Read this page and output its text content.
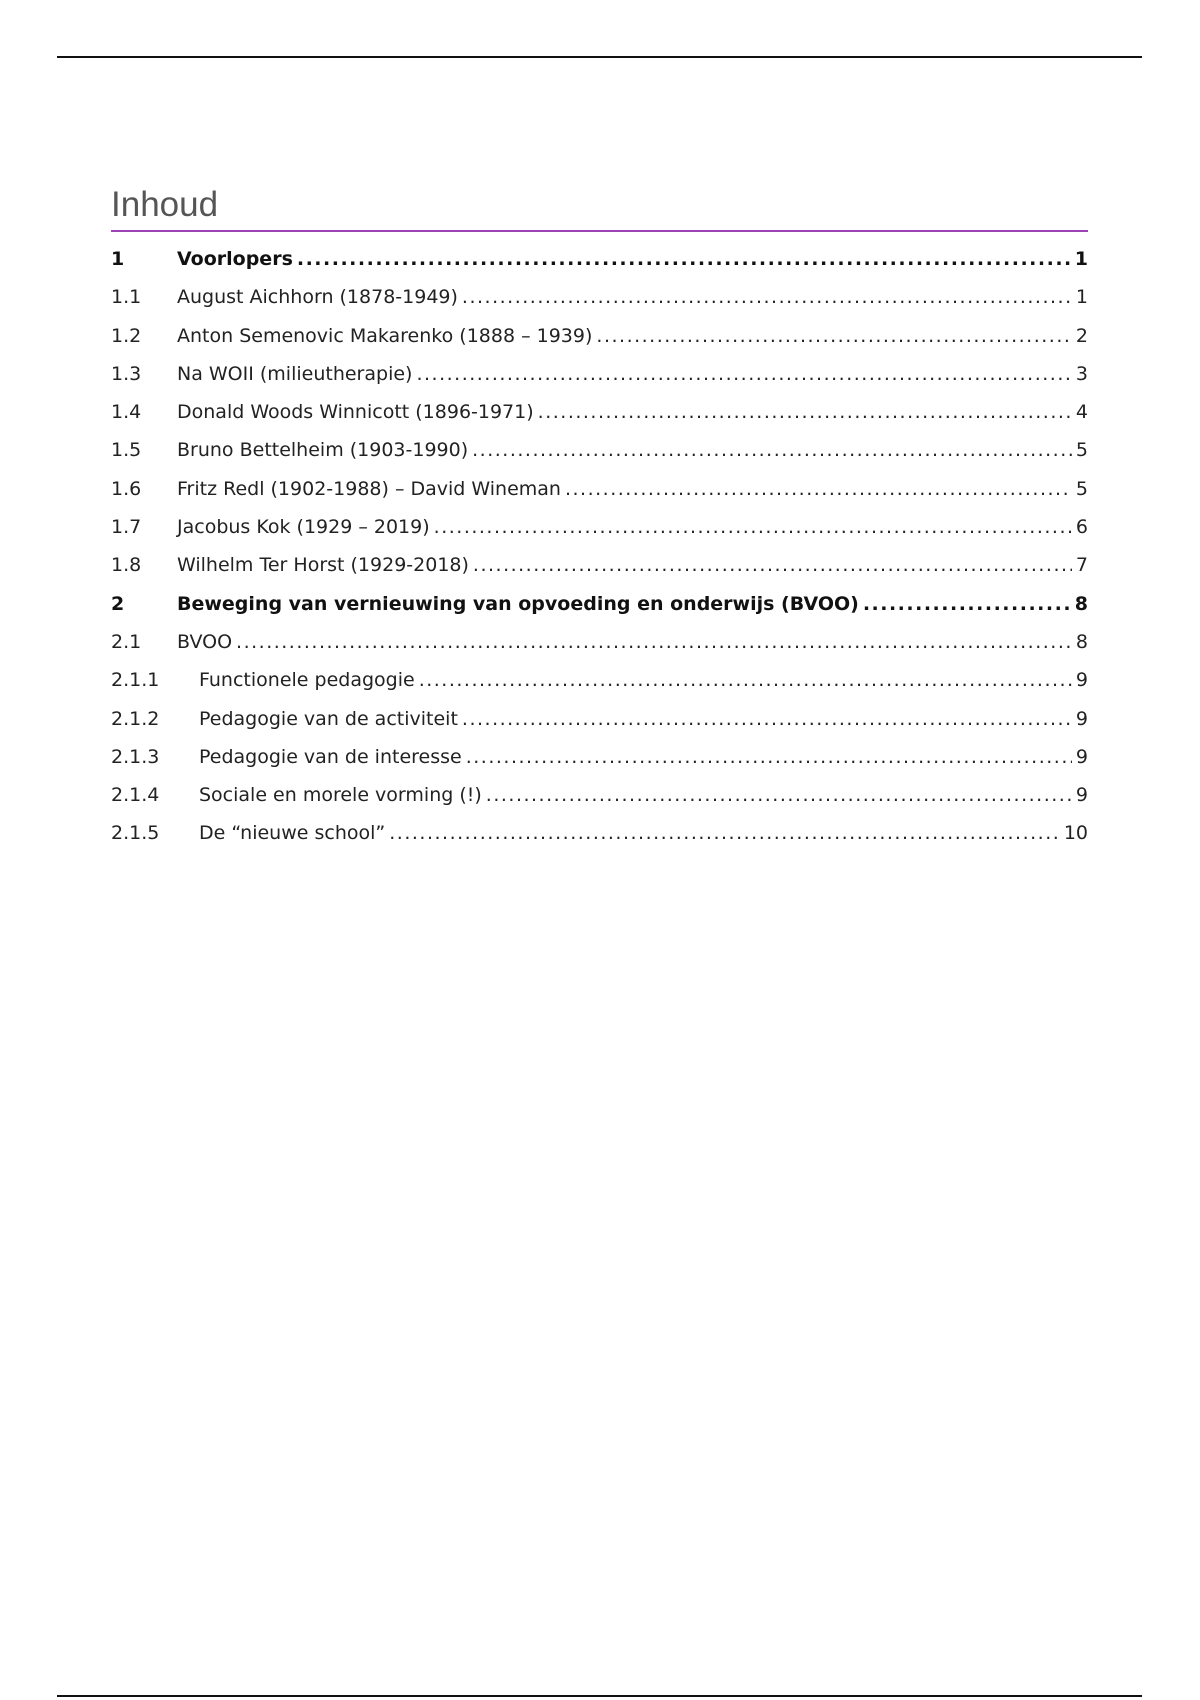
Inhoud
1	Voorlopers .....	1
1.1	August Aichhorn (1878-1949) .....	1
1.2	Anton Semenovic Makarenko (1888 – 1939) .....	2
1.3	Na WOII (milieutherapie) .....	3
1.4	Donald Woods Winnicott (1896-1971) .....	4
1.5	Bruno Bettelheim (1903-1990) .....	5
1.6	Fritz Redl (1902-1988) – David Wineman .....	5
1.7	Jacobus Kok (1929 – 2019) .....	6
1.8	Wilhelm Ter Horst (1929-2018) .....	7
2	Beweging van vernieuwing van opvoeding en onderwijs (BVOO) .....	8
2.1	BVOO .....	8
2.1.1	Functionele pedagogie .....	9
2.1.2	Pedagogie van de activiteit .....	9
2.1.3	Pedagogie van de interesse .....	9
2.1.4	Sociale en morele vorming (!) .....	9
2.1.5	De “nieuwe school” .....	10
